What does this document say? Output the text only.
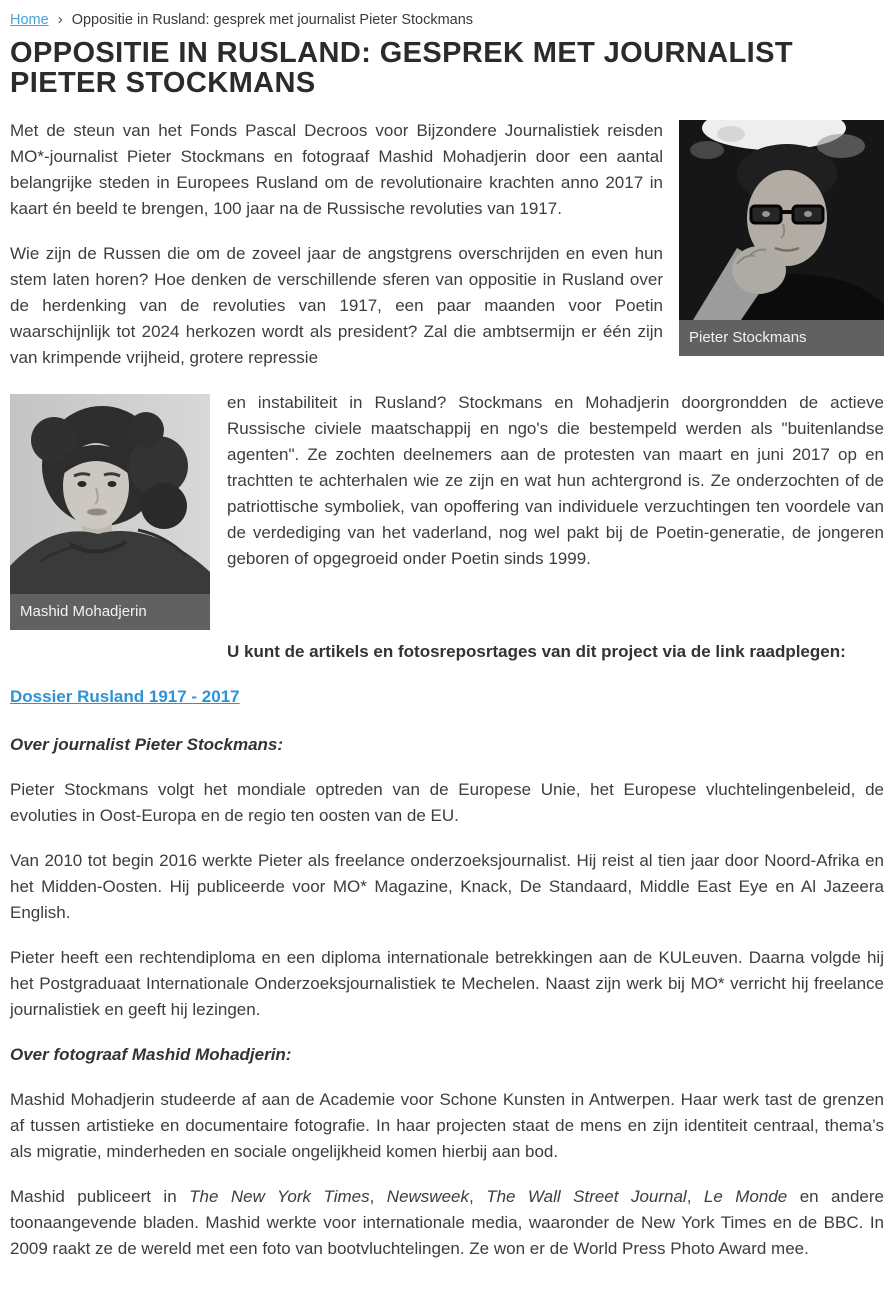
Home › Oppositie in Rusland: gesprek met journalist Pieter Stockmans
OPPOSITIE IN RUSLAND: GESPREK MET JOURNALIST PIETER STOCKMANS
Pieter Stockmans

Met de steun van het Fonds Pascal Decroos voor Bijzondere Journalistiek reisden MO*-journalist Pieter Stockmans en fotograaf Mashid Mohadjerin door een aantal belangrijke steden in Europees Rusland om de revolutionaire krachten anno 2017 in kaart én beeld te brengen, 100 jaar na de Russische revoluties van 1917.

Wie zijn de Russen die om de zoveel jaar de angstgrens overschrijden en even hun stem laten horen? Hoe denken de verschillende sferen van oppositie in Rusland over de herdenking van de revoluties van 1917, een paar maanden voor Poetin waarschijnlijk tot 2024 herkozen wordt als president? Zal die ambtsermijn er één zijn van krimpende vrijheid, grotere repressie

Mashid Mohadjerin

en instabiliteit in Rusland? Stockmans en Mohadjerin doorgrondden de actieve Russische civiele maatschappij en ngo's die bestempeld werden als "buitenlandse agenten". Ze zochten deelnemers aan de protesten van maart en juni 2017 op en trachtten te achterhalen wie ze zijn en wat hun achtergrond is. Ze onderzochten of de patriottische symboliek, van opoffering van individuele verzuchtingen ten voordele van de verdediging van het vaderland, nog wel pakt bij de Poetin-generatie, de jongeren geboren of opgegroeid onder Poetin sinds 1999.

U kunt de artikels en fotosreposrtages van dit project via de link raadplegen:

Dossier Rusland 1917 - 2017

Over journalist Pieter Stockmans:

Pieter Stockmans volgt het mondiale optreden van de Europese Unie, het Europese vluchtelingenbeleid, de evoluties in Oost-Europa en de regio ten oosten van de EU.

Van 2010 tot begin 2016 werkte Pieter als freelance onderzoeksjournalist. Hij reist al tien jaar door Noord-Afrika en het Midden-Oosten. Hij publiceerde voor MO* Magazine, Knack, De Standaard, Middle East Eye en Al Jazeera English.

Pieter heeft een rechtendiploma en een diploma internationale betrekkingen aan de KULeuven. Daarna volgde hij het Postgraduaat Internationale Onderzoeksjournalistiek te Mechelen. Naast zijn werk bij MO* verricht hij freelance journalistiek en geeft hij lezingen.

Over fotograaf Mashid Mohadjerin:

Mashid Mohadjerin studeerde af aan de Academie voor Schone Kunsten in Antwerpen. Haar werk tast de grenzen af tussen artistieke en documentaire fotografie. In haar projecten staat de mens en zijn identiteit centraal, thema’s als migratie, minderheden en sociale ongelijkheid komen hierbij aan bod.

Mashid publiceert in The New York Times, Newsweek, The Wall Street Journal, Le Monde en andere toonaangevende bladen. Mashid werkte voor internationale media, waaronder de New York Times en de BBC. In 2009 raakt ze de wereld met een foto van bootvluchtelingen. Ze won er de World Press Photo Award mee.
